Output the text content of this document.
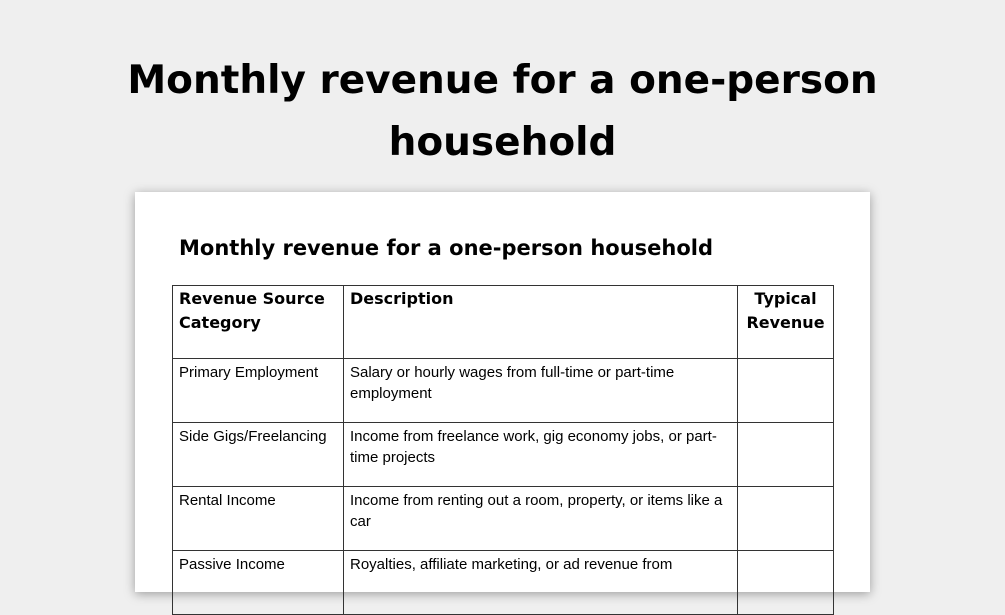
Monthly revenue for a one-person
household
Monthly revenue for a one-person household
Revenue Source Category	Description	Typical Revenue
Primary Employment	Salary or hourly wages from full-time or part-time employment	
Side Gigs/Freelancing	Income from freelance work, gig economy jobs, or part-time projects	
Rental Income	Income from renting out a room, property, or items like a car	
Passive Income	Royalties, affiliate marketing, or ad revenue from	
